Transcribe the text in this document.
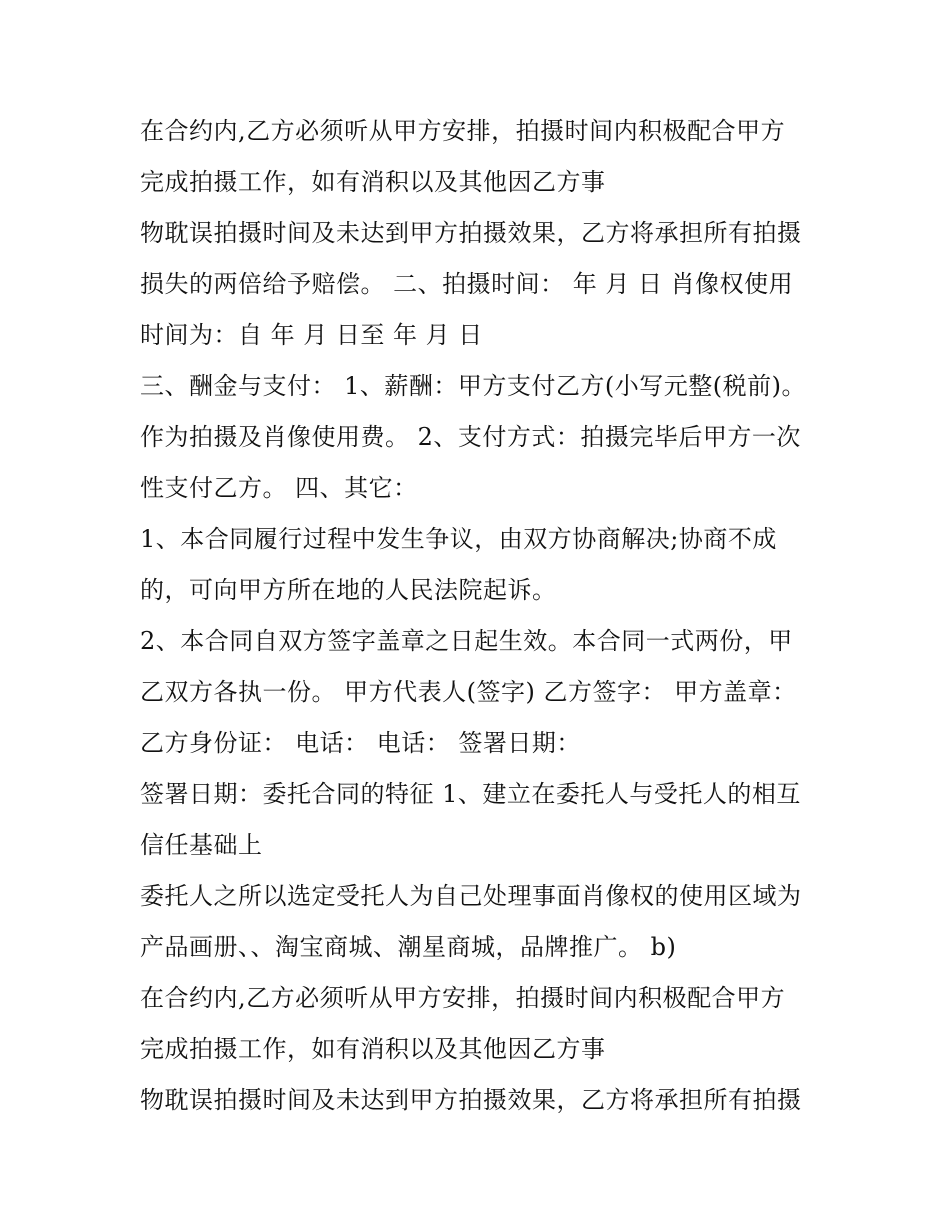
在合约内,乙方必须听从甲方安排，拍摄时间内积极配合甲方
完成拍摄工作，如有消积以及其他因乙方事
物耽误拍摄时间及未达到甲方拍摄效果，乙方将承担所有拍摄
损失的两倍给予赔偿。 二、拍摄时间： 年 月 日 肖像权使用
时间为：自 年 月 日至 年 月 日
三、酬金与支付： 1、薪酬：甲方支付乙方(小写元整(税前)。
作为拍摄及肖像使用费。 2、支付方式：拍摄完毕后甲方一次
性支付乙方。 四、其它：
1、本合同履行过程中发生争议，由双方协商解决;协商不成
的，可向甲方所在地的人民法院起诉。
2、本合同自双方签字盖章之日起生效。本合同一式两份，甲
乙双方各执一份。 甲方代表人(签字) 乙方签字： 甲方盖章：
乙方身份证： 电话： 电话： 签署日期：
签署日期：委托合同的特征 1、建立在委托人与受托人的相互
信任基础上
委托人之所以选定受托人为自己处理事面肖像权的使用区域为
产品画册、、淘宝商城、潮星商城，品牌推广。 b)
在合约内,乙方必须听从甲方安排，拍摄时间内积极配合甲方
完成拍摄工作，如有消积以及其他因乙方事
物耽误拍摄时间及未达到甲方拍摄效果，乙方将承担所有拍摄
